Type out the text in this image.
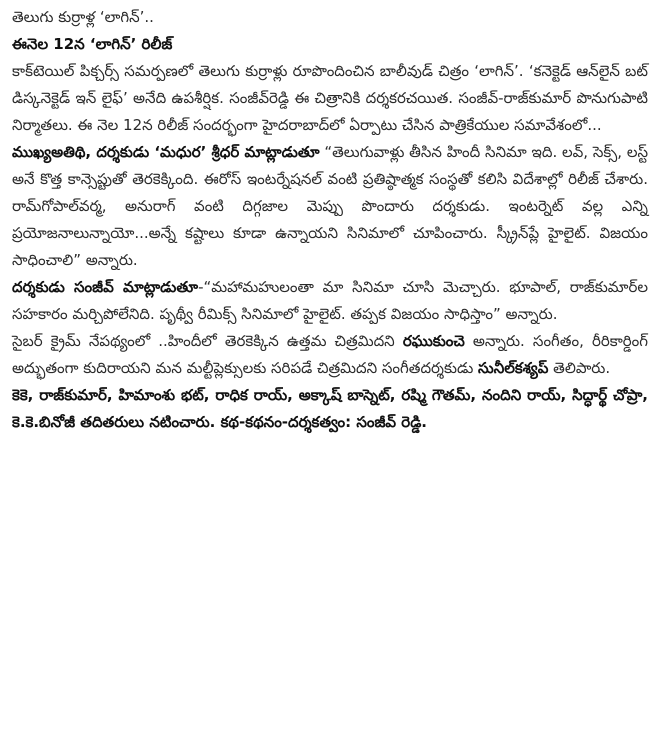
తెలుగు కుర్రాళ్ల ‘లాగిన్’..
ఈనెల 12న ‘లాగిన్’ రిలీజ్

కాక్‌టెయిల్ పిక్చర్స్ సమర్పణలో తెలుగు కుర్రాళ్లు రూపొందించిన బాలీవుడ్ చిత్రం ‘లాగిన్’. ‘కనెక్టెడ్ ఆన్‌లైన్ బట్ డిస్కనెక్టెడ్ ఇన్ లైఫ్’ అనేది ఉపశీర్షిక. సంజీవ్‌రెడ్డి ఈ చిత్రానికి దర్శకరచయిత. సంజీవ్-రాజ్‌కుమార్ పొనుగుపాటి నిర్మాతలు. ఈ నెల 12న రిలీజ్ సందర్భంగా హైదరాబాద్‌లో ఏర్పాటు చేసిన పాత్రికేయుల సమావేశంలో...

ముఖ్యఅతిథి, దర్శకుడు ‘మధుర’ శ్రీధర్ మాట్లాడుతూ “తెలుగువాళ్లు తీసిన హిందీ సినిమా ఇది. లవ్, సెక్స్, లస్ట్ అనే కొత్త కాన్సెప్టుతో తెరకెక్కింది. ఈరోస్ ఇంటర్నేషనల్ వంటి ప్రతిష్ఠాత్మక సంస్థతో కలిసి విదేశాల్లో రిలీజ్ చేశారు. రామ్‌గోపాల్‌వర్మ, అనురాగ్ వంటి దిగ్గజాల మెప్పు పొందారు దర్శకుడు. ఇంటర్నెట్ వల్ల ఎన్ని ప్రయోజనాలున్నాయో...అన్నే కష్టాలు కూడా ఉన్నాయని సినిమాలో చూపించారు. స్క్రీన్‌ప్లే హైలైట్. విజయం సాధించాలి” అన్నారు.

దర్శకుడు సంజీవ్ మాట్లాడుతూ-“మహామహులంతా మా సినిమా చూసి మెచ్చారు. భూపాల్, రాజ్‌కుమార్‌ల సహకారం మర్చిపోలేనిది. పృథ్వీ రీమిక్స్ సినిమాలో హైలైట్. తప్పక విజయం సాధిస్తాం” అన్నారు.

సైబర్ క్రైమ్ నేపథ్యంలో ..హిందీలో తెరకెక్కిన ఉత్తమ చిత్రమిదని రఘుకుంచె అన్నారు. సంగీతం, రీరికార్డింగ్ అద్భుతంగా కుదిరాయని మన మల్టీప్లెక్సులకు సరిపడే చిత్రమిదని సంగీతదర్శకుడు సునీల్‌కశ్యప్ తెలిపారు.

కెకె, రాజ్‌కుమార్, హిమాంశు భట్, రాధిక రాయ్, అక్కాష్ బాస్నెట్, రష్మి గౌతమ్, నందిని రాయ్, సిద్ధార్థ్ చోప్రా, కె.కె.బినోజీ తదితరులు నటించారు. కథ-కథనం-దర్శకత్వం: సంజీవ్ రెడ్డి.
